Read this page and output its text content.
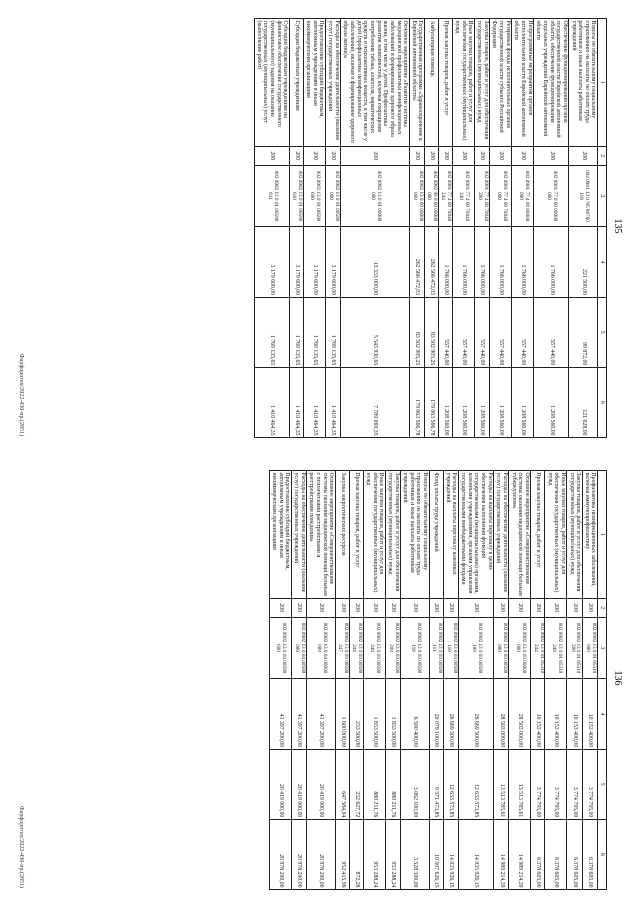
135
1	2	3	4	5	6
Взносы по обязательному социальному страхованию на выплаты по оплате труда работников и иные выплаты работникам учреждений	200	002 0901 13 0 N5 86780 119	221 500,00	99 872,00	121 628,00
Обеспечение функционирования органов государственной власти Еврейской автономной области, обеспечение функционирования отдельных учреждений Еврейской автономной области	200	002 0901 77 0 00 00000 000	1 766 000,00	557 440,00	1 208 560,00
Непрограммные мероприятия органов исполнительной власти Еврейской автономной области	200	002 0901 77 4 00 00000 000	1 766 000,00	557 440,00	1 208 560,00
Резервные фонды исполнительных органов государственной власти субъекта Российской Федерации	200	002 0901 77 4 00 70040 000	1 766 000,00	557 440,00	1 208 560,00
Закупка товаров, работ и услуг для обеспечения государственных (муниципальных) нужд	200	002 0901 77 4 00 70040 200	1 766 000,00	557 440,00	1 208 560,00
Иные закупки товаров, работ и услуг для обеспечения государственных (муниципальных) нужд	200	002 0901 77 4 00 70040 240	1 766 000,00	557 440,00	1 208 560,00
Прочая закупка товаров, работ и услуг	200	002 0901 77 4 00 70040 244	1 766 000,00	557 440,00	1 208 560,00
Амбулаторная помощь	200	002 0902 00 0 00 00000 000	262 566 472,03	83 502 905,25	179 063 566,78
Государственная программа «Здравоохранение в Еврейской автономной области»	200	002 0902 13 0 00 00000 000	262 566 472,03	83 502 905,25	179 063 566,78
Основное мероприятие «Развитие системы медицинской профилактики неинфекционных заболеваний и формирование здорового образа жизни, в том числе у детей. Профилактика развития зависимостей, включая сокращение потребления табака, алкоголя, наркотических средств и психоактивных веществ, в том числе у детей (профилактика неинфекционных заболеваний, включая и формирование здорового образа жизни)»	200	002 0902 13 0 01 00000 000	13 333 000,00	5 543 930,65	7 789 069,35
Расходы на обеспечение деятельности (оказание услуг) государственных учреждений	200	002 0902 13 0 01 00590 000	3 179 600,00	1 769 135,65	1 410 464,35
Предоставление субсидий бюджетным, автономным учреждениям и иным некоммерческим организациям	200	002 0902 13 0 01 00590 600	3 179 600,00	1 769 135,65	1 410 464,35
Субсидии бюджетным учреждениям	200	002 0902 13 0 01 00590 610	3 179 600,00	1 769 135,65	1 410 464,35
Субсидии бюджетным учреждениям на финансовое обеспечение государственного (муниципального) задания на оказание государственных (муниципальных) услуг (выполнение работ)	200	002 0902 13 0 01 00590 611	3 179 600,00	1 769 135,65	1 410 464,35
Фарфоротеп/2022-430-пр.(2851)
136
1	2	3	4	5	6
Профилактика неинфекционных заболеваний, включая иммунопрофилактику	200	002 0902 13 0 01 85310 000	10 153 400,00	3 774 795,00	6 378 605,00
Закупка товаров, работ и услуг для обеспечения государственных (муниципальных) нужд	200	002 0902 13 0 01 85310 200	10 153 400,00	3 774 795,00	6 378 605,00
Иные закупки товаров, работ и услуг для обеспечения государственных (муниципальных) нужд	200	002 0902 13 0 01 85310 240	10 153 400,00	3 774 795,00	6 378 605,00
Прочая закупка товаров, работ и услуг	200	002 0902 13 0 01 85310 244	10 153 400,00	3 774 795,00	6 378 605,00
Основное мероприятие «Совершенствование системы оказания медицинской помощи больным туберкулезом»	200	002 0902 13 0 03 00000 000	28 503 000,00	13 513 785,61	14 989 214,39
Расходы на обеспечение деятельности (оказание услуг) государственных учреждений	200	002 0902 13 0 03 00590 000	28 503 000,00	13 513 785,61	14 989 214,39
Расходы на выплаты персоналу в целях обеспечения выполнения функций государственными (муниципальными) органами, казенными учреждениями, органами управления государственными внебюджетными фондами	200	002 0902 13 0 03 00590 100	26 669 500,00	12 633 573,85	14 035 926,15
Расходы на выплаты персоналу казенных учреждений	200	002 0902 13 0 03 00590 110	26 669 500,00	12 633 573,85	14 035 926,15
Фонд оплаты труда учреждений	200	002 0902 13 0 03 00590 111	20 079 100,00	9 571 473,85	10 507 626,15
Взносы по обязательному социальному страхованию на выплаты по оплате труда работников и иные выплаты работникам учреждений	200	002 0902 13 0 03 00590 119	6 590 400,00	3 062 100,00	3 528 300,00
Закупка товаров, работ и услуг для обеспечения государственных (муниципальных) нужд	200	002 0902 13 0 03 00590 200	1 833 500,00	880 211,76	953 288,24
Иные закупки товаров, работ и услуг для обеспечения государственных (муниципальных) нужд	200	002 0902 13 0 03 00590 240	1 833 500,00	880 211,76	953 288,24
Прочая закупка товаров, работ и услуг	200	002 0902 13 0 03 00590 244	233 500,00	232 627,72	872,28
Закупка энергетических ресурсов	200	002 0902 13 0 03 00590 247	1 600 000,00	647 584,04	952 415,96
Основное мероприятие «Совершенствование системы оказания медицинской помощи больным с психическими расстройствами и расстройствами поведения»	200	002 0902 13 0 04 00000 000	41 397 200,00	20 419 000,00	20 978 200,00
Расходы на обеспечение деятельности (оказание услуг) государственных учреждений	200	002 0902 13 0 04 00590 000	41 397 200,00	20 419 000,00	20 978 200,00
Предоставление субсидий бюджетным, автономным учреждениям и иным некоммерческим организациям	200	002 0902 13 0 04 00590 600	41 397 200,00	20 419 000,00	20 978 200,00
Фарфоротеп/2022-430-пр.(2851)
